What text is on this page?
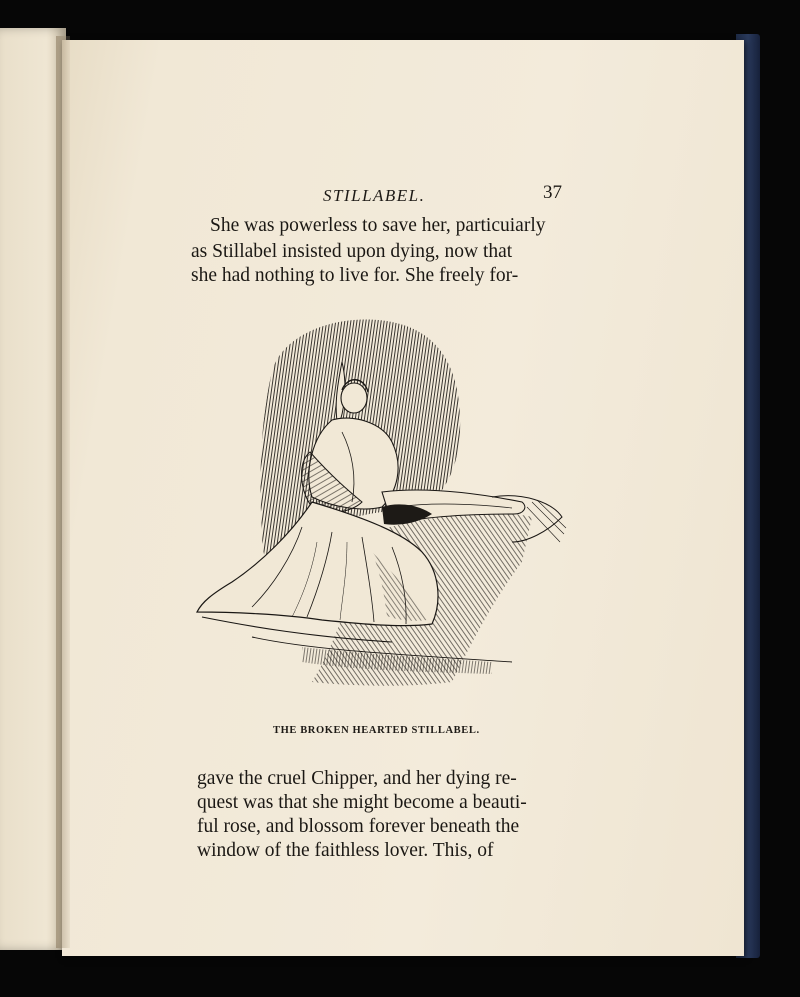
STILLABEL.	37
She was powerless to save her, particuiarly
as Stillabel insisted upon dying, now that
she had nothing to live for. She freely for-
THE BROKEN HEARTED STILLABEL.
gave the cruel Chipper, and her dying re-
quest was that she might become a beauti-
ful rose, and blossom forever beneath the
window of the faithless lover. This, of
